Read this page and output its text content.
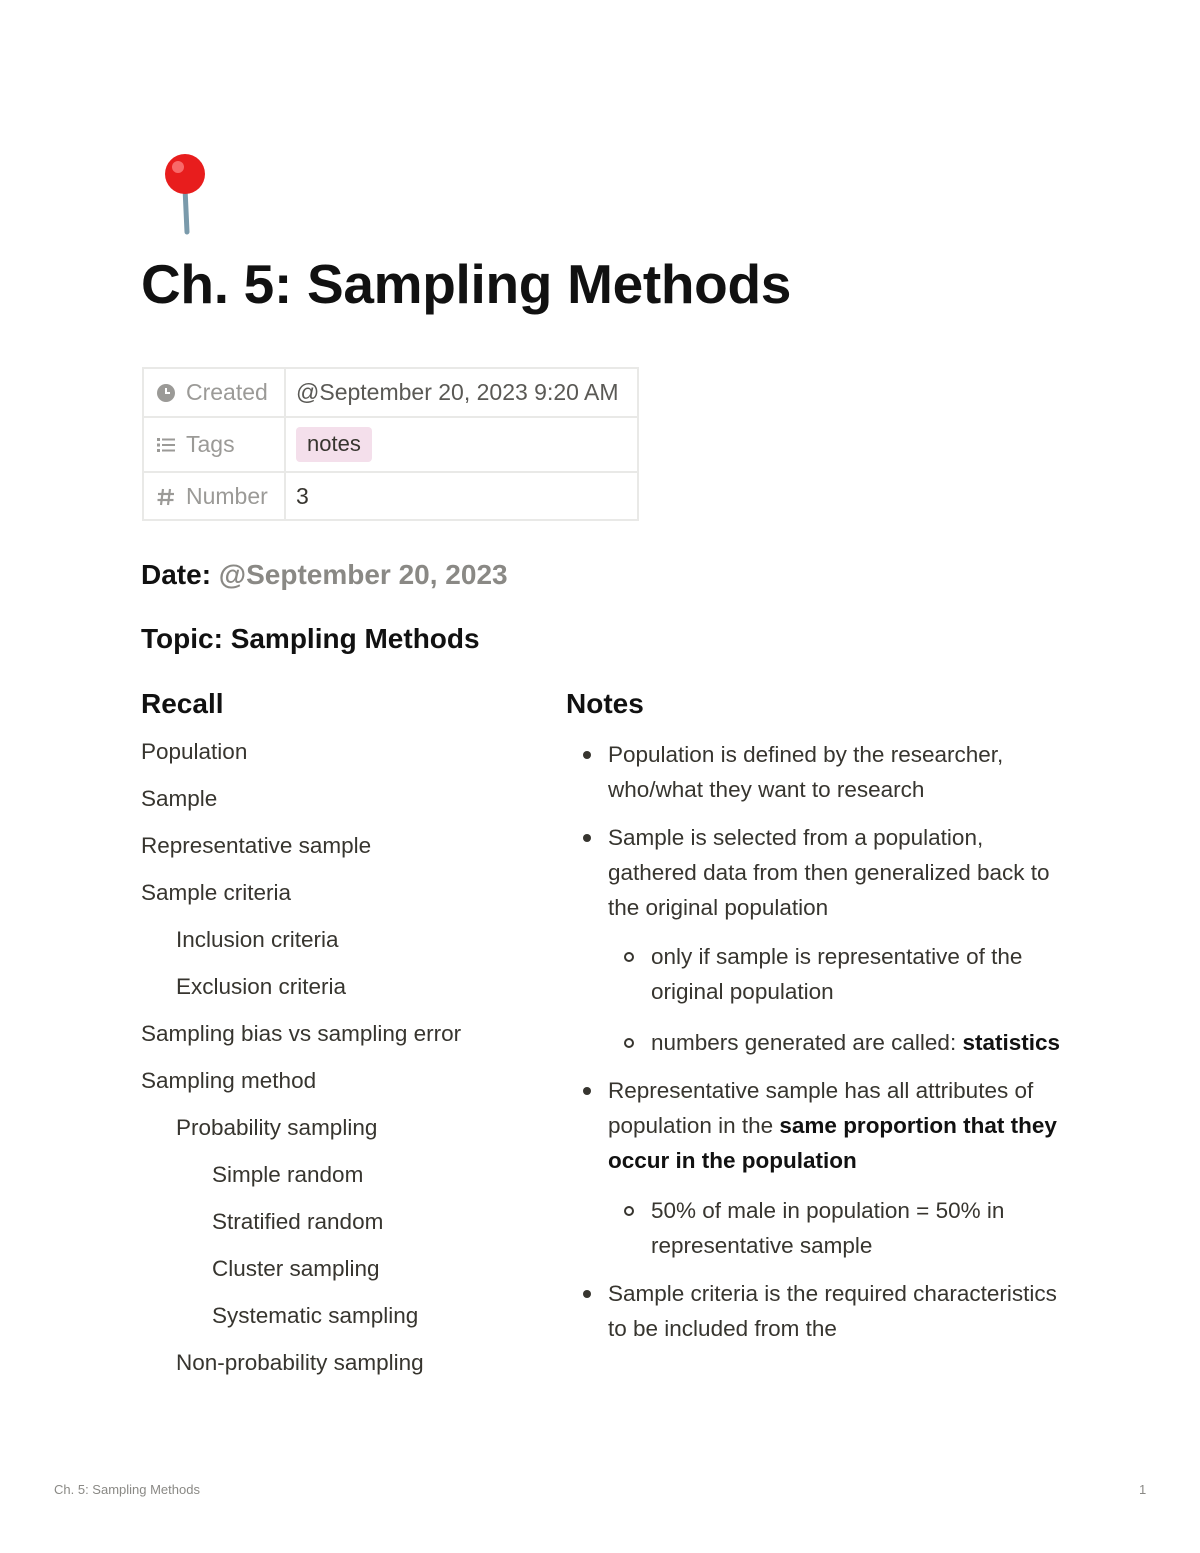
Ch. 5: Sampling Methods
Created	@September 20, 2023 9:20 AM
Tags	notes
Number	3
Date: @September 20, 2023
Topic: Sampling Methods
Recall	Notes
Population
Sample
Representative sample
Sample criteria
Inclusion criteria
Exclusion criteria
Sampling bias vs sampling error
Sampling method
Probability sampling
Simple random
Stratified random
Cluster sampling
Systematic sampling
Non-probability sampling
Population is defined by the researcher, who/what they want to research
Sample is selected from a population, gathered data from then generalized back to the original population
only if sample is representative of the original population
numbers generated are called: statistics
Representative sample has all attributes of population in the same proportion that they occur in the population
50% of male in population = 50% in representative sample
Sample criteria is the required characteristics to be included from the
Ch. 5: Sampling Methods	1
